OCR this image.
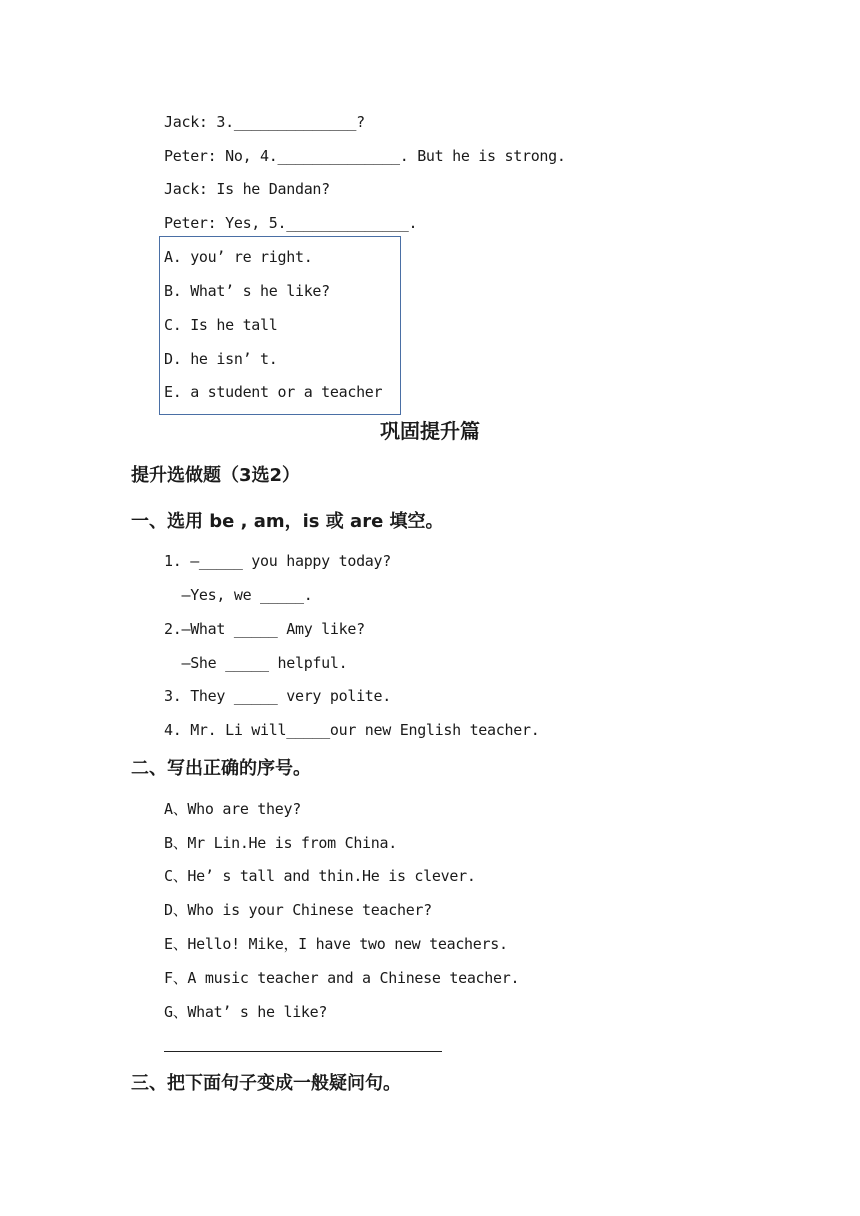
Jack: 3.______________?
Peter: No, 4.______________. But he is strong.
Jack: Is he Dandan?
Peter: Yes, 5.______________.
A. you’ re right.
B. What’ s he like?
C. Is he tall
D. he isn’ t.
E. a student or a teacher
巩固提升篇
提升选做题（3选2）
一、选用 be , am，is 或 are 填空。
1. —_____ you happy today?
—Yes, we _____.
2.—What _____ Amy like?
—She _____ helpful.
3. They _____ very polite.
4. Mr. Li will_____our new English teacher.
二、写出正确的序号。
A、Who are they?
B、Mr Lin.He is from China.
C、He’ s tall and thin.He is clever.
D、Who is your Chinese teacher?
E、Hello! Mike，I have two new teachers.
F、A music teacher and a Chinese teacher.
G、What’ s he like?
三、把下面句子变成一般疑问句。
